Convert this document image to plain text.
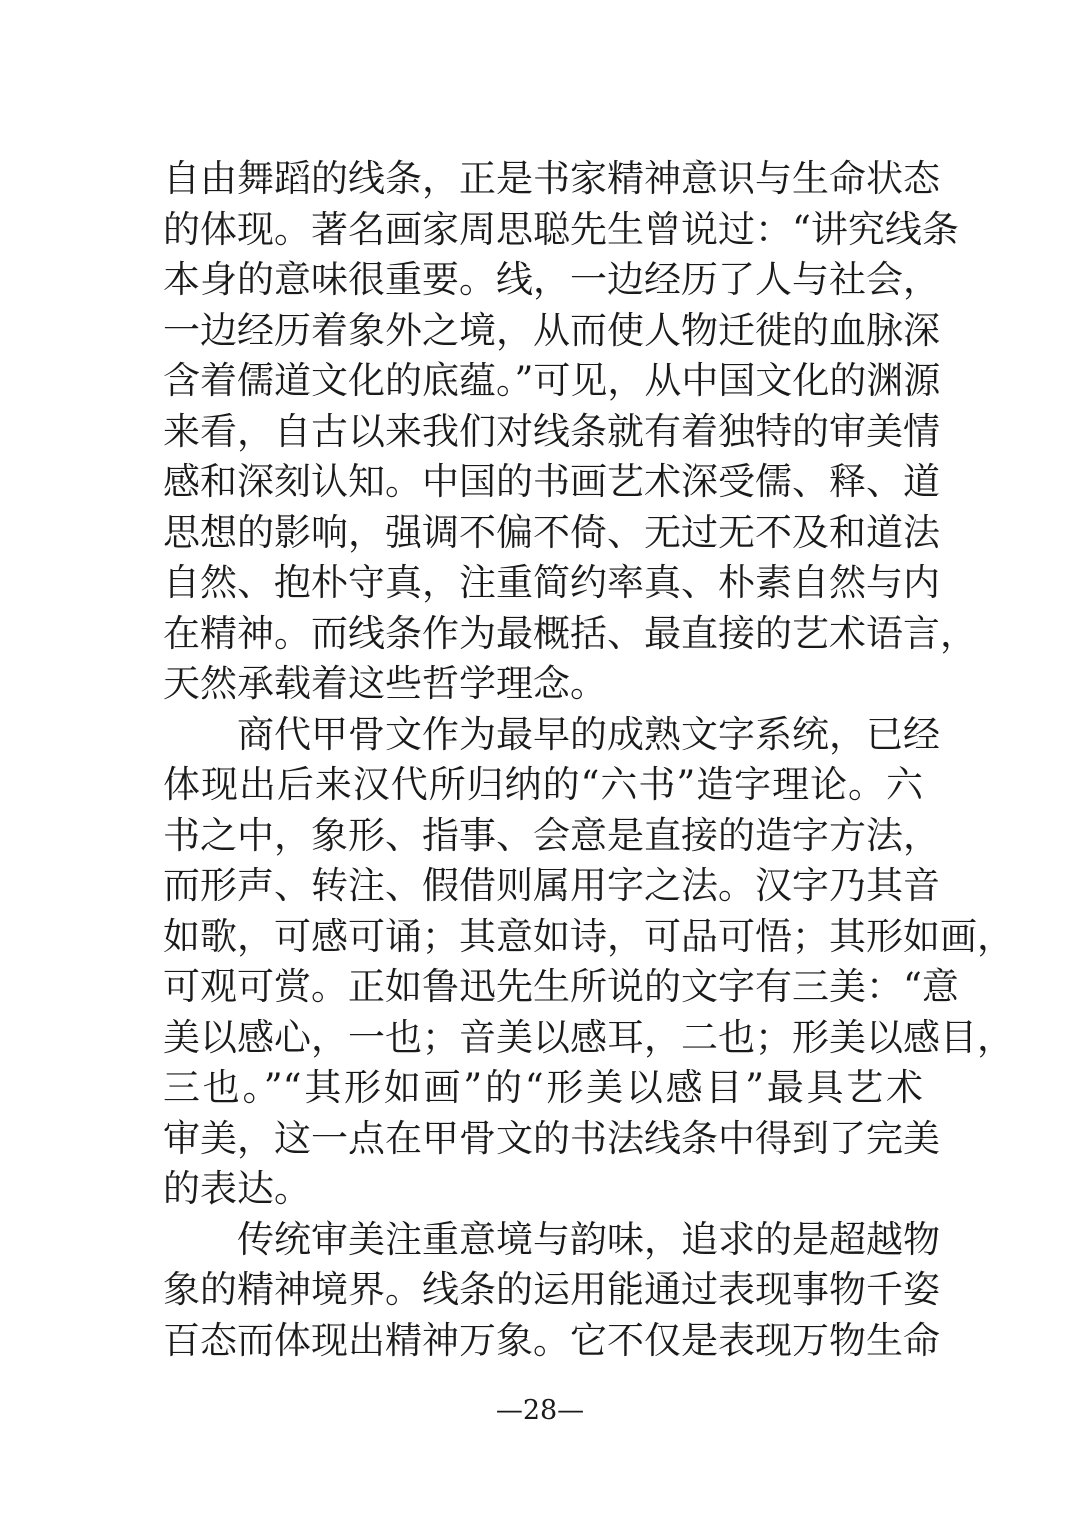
自由舞蹈的线条，正是书家精神意识与生命状态
的体现。著名画家周思聪先生曾说过：“讲究线条
本身的意味很重要。线，一边经历了人与社会，
一边经历着象外之境，从而使人物迁徙的血脉深
含着儒道文化的底蕴。”可见，从中国文化的渊源
来看，自古以来我们对线条就有着独特的审美情
感和深刻认知。中国的书画艺术深受儒、释、道
思想的影响，强调不偏不倚、无过无不及和道法
自然、抱朴守真，注重简约率真、朴素自然与内
在精神。而线条作为最概括、最直接的艺术语言，
天然承载着这些哲学理念。
商代甲骨文作为最早的成熟文字系统，已经
体现出后来汉代所归纳的“六书”造字理论。六
书之中，象形、指事、会意是直接的造字方法，
而形声、转注、假借则属用字之法。汉字乃其音
如歌，可感可诵；其意如诗，可品可悟；其形如画，
可观可赏。正如鲁迅先生所说的文字有三美：“意
美以感心，一也；音美以感耳，二也；形美以感目，
三也。”“其形如画”的“形美以感目”最具艺术
审美，这一点在甲骨文的书法线条中得到了完美
的表达。
传统审美注重意境与韵味，追求的是超越物
象的精神境界。线条的运用能通过表现事物千姿
百态而体现出精神万象。它不仅是表现万物生命
—28—
